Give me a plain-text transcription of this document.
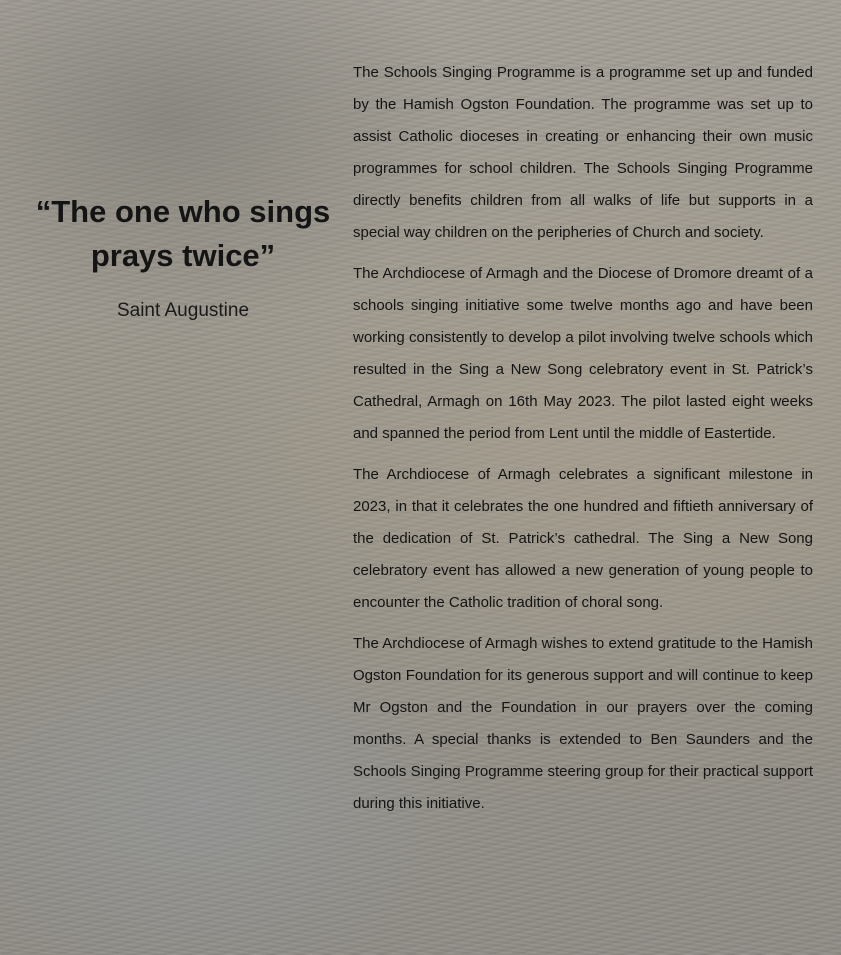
“The one who sings prays twice”

Saint Augustine

The Schools Singing Programme is a programme set up and funded by the Hamish Ogston Foundation. The programme was set up to assist Catholic dioceses in creating or enhancing their own music programmes for school children. The Schools Singing Programme directly benefits children from all walks of life but supports in a special way children on the peripheries of Church and society.

The Archdiocese of Armagh and the Diocese of Dromore dreamt of a schools singing initiative some twelve months ago and have been working consistently to develop a pilot involving twelve schools which resulted in the Sing a New Song celebratory event in St. Patrick’s Cathedral, Armagh on 16th May 2023. The pilot lasted eight weeks and spanned the period from Lent until the middle of Eastertide.

The Archdiocese of Armagh celebrates a significant milestone in 2023, in that it celebrates the one hundred and fiftieth anniversary of the dedication of St. Patrick’s cathedral. The Sing a New Song celebratory event has allowed a new generation of young people to encounter the Catholic tradition of choral song.

The Archdiocese of Armagh wishes to extend gratitude to the Hamish Ogston Foundation for its generous support and will continue to keep Mr Ogston and the Foundation in our prayers over the coming months. A special thanks is extended to Ben Saunders and the Schools Singing Programme steering group for their practical support during this initiative.
